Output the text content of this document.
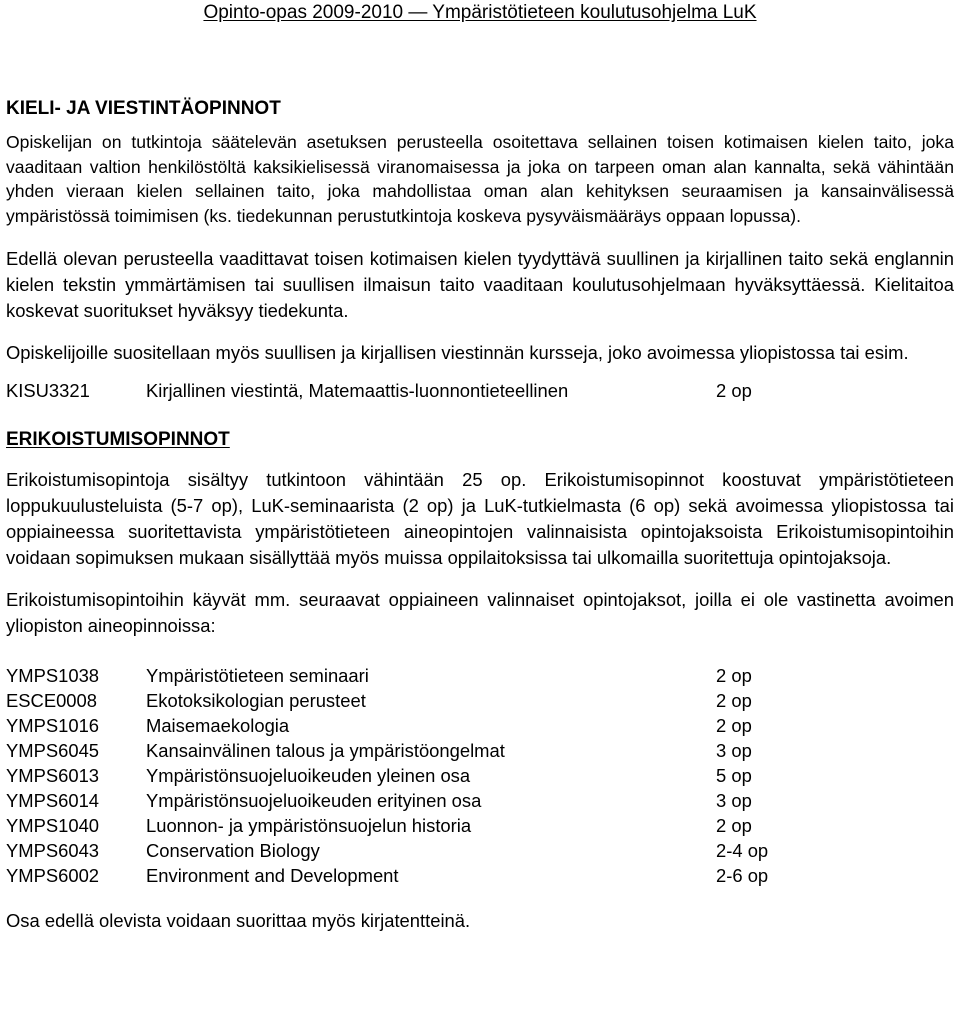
Opinto-opas 2009-2010 — Ympäristötieteen koulutusohjelma LuK
KIELI- JA VIESTINTÄOPINNOT

Opiskelijan on tutkintoja säätelevän asetuksen perusteella osoitettava sellainen toisen kotimaisen kielen taito, joka vaaditaan valtion henkilöstöltä kaksikielisessä viranomaisessa ja joka on tarpeen oman alan kannalta, sekä vähintään yhden vieraan kielen sellainen taito, joka mahdollistaa oman alan kehityksen seuraamisen ja kansainvälisessä ympäristössä toimimisen (ks. tiedekunnan perustutkintoja koskeva pysyväismääräys oppaan lopussa).

Edellä olevan perusteella vaadittavat toisen kotimaisen kielen tyydyttävä suullinen ja kirjallinen taito sekä englannin kielen tekstin ymmärtämisen tai suullisen ilmaisun taito vaaditaan koulutusohjelmaan hyväksyttäessä. Kielitaitoa koskevat suoritukset hyväksyy tiedekunta.

Opiskelijoille suositellaan myös suullisen ja kirjallisen viestinnän kursseja, joko avoimessa yliopistossa tai esim.

KISU3321	Kirjallinen viestintä, Matemaattis-luonnontieteellinen	2 op
ERIKOISTUMISOPINNOT

Erikoistumisopintoja sisältyy tutkintoon vähintään 25 op. Erikoistumisopinnot koostuvat ympäristötieteen loppukuulusteluista (5-7 op), LuK-seminaarista (2 op) ja LuK-tutkielmasta (6 op) sekä avoimessa yliopistossa tai oppiaineessa suoritettavista ympäristötieteen aineopintojen valinnaisista opintojaksoista Erikoistumisopintoihin voidaan sopimuksen mukaan sisällyttää myös muissa oppilaitoksissa tai ulkomailla suoritettuja opintojaksoja.

Erikoistumisopintoihin käyvät mm. seuraavat oppiaineen valinnaiset opintojaksot, joilla ei ole vastinetta avoimen yliopiston aineopinnoissa:

YMPS1038	Ympäristötieteen seminaari	2 op
ESCE0008	Ekotoksikologian perusteet	2 op
YMPS1016	Maisemaekologia	2 op
YMPS6045	Kansainvälinen talous ja ympäristöongelmat	3 op
YMPS6013	Ympäristönsuojeluoikeuden yleinen osa	5 op
YMPS6014	Ympäristönsuojeluoikeuden erityinen osa	3 op
YMPS1040	Luonnon- ja ympäristönsuojelun historia	2 op
YMPS6043	Conservation Biology	2-4 op
YMPS6002	Environment and Development	2-6 op
Osa edellä olevista voidaan suorittaa myös kirjatentteinä.
